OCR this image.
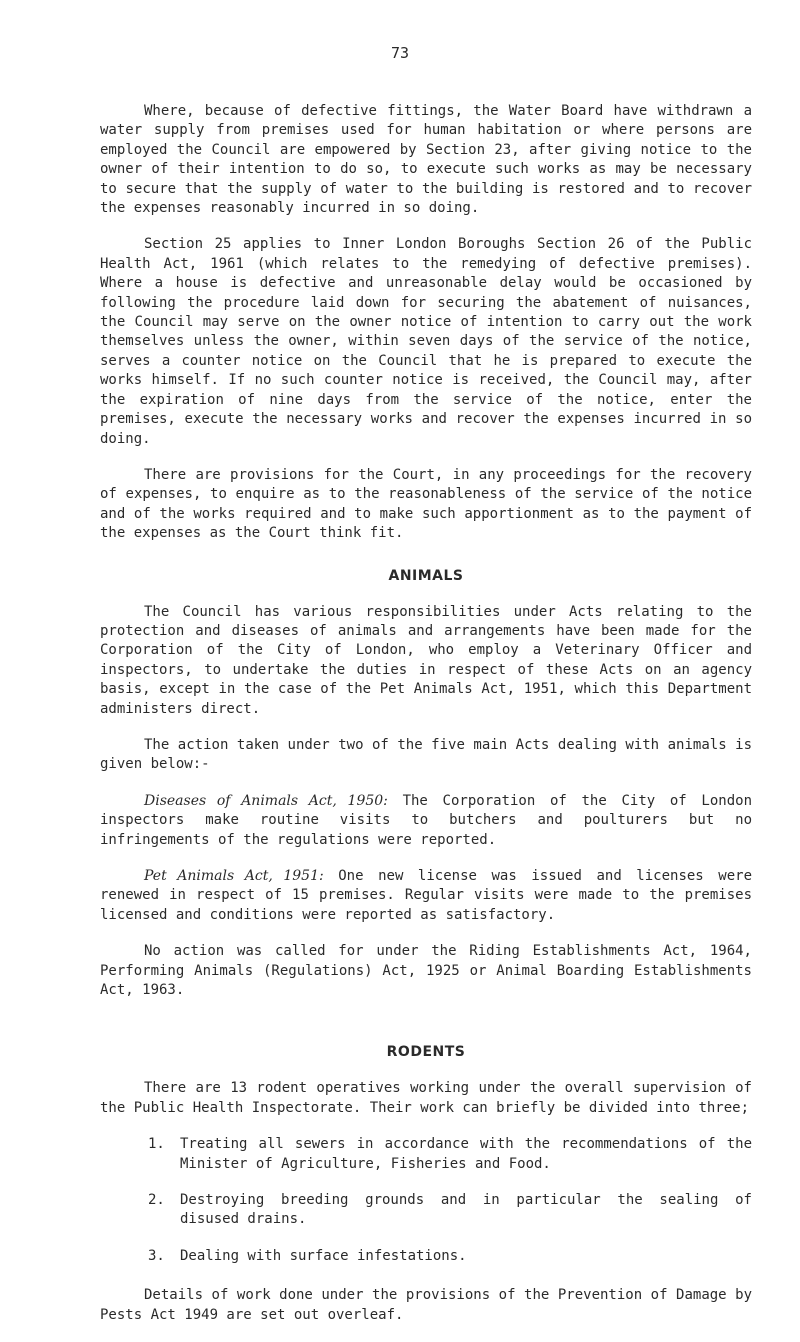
73

Where, because of defective fittings, the Water Board have withdrawn a water supply from premises used for human habitation or where persons are employed the Council are empowered by Section 23, after giving notice to the owner of their intention to do so, to execute such works as may be necessary to secure that the supply of water to the building is restored and to recover the expenses reasonably incurred in so doing.

Section 25 applies to Inner London Boroughs Section 26 of the Public Health Act, 1961 (which relates to the remedying of defective premises). Where a house is defective and unreasonable delay would be occasioned by following the procedure laid down for securing the abatement of nuisances, the Council may serve on the owner notice of intention to carry out the work themselves unless the owner, within seven days of the service of the notice, serves a counter notice on the Council that he is prepared to execute the works himself. If no such counter notice is received, the Council may, after the expiration of nine days from the service of the notice, enter the premises, execute the necessary works and recover the expenses incurred in so doing.

There are provisions for the Court, in any proceedings for the recovery of expenses, to enquire as to the reasonableness of the service of the notice and of the works required and to make such apportionment as to the payment of the expenses as the Court think fit.

ANIMALS

The Council has various responsibilities under Acts relating to the protection and diseases of animals and arrangements have been made for the Corporation of the City of London, who employ a Veterinary Officer and inspectors, to undertake the duties in respect of these Acts on an agency basis, except in the case of the Pet Animals Act, 1951, which this Department administers direct.

The action taken under two of the five main Acts dealing with animals is given below:-

Diseases of Animals Act, 1950: The Corporation of the City of London inspectors make routine visits to butchers and poulturers but no infringements of the regulations were reported.

Pet Animals Act, 1951: One new license was issued and licenses were renewed in respect of 15 premises. Regular visits were made to the premises licensed and conditions were reported as satisfactory.

No action was called for under the Riding Establishments Act, 1964, Performing Animals (Regulations) Act, 1925 or Animal Boarding Establishments Act, 1963.

RODENTS

There are 13 rodent operatives working under the overall supervision of the Public Health Inspectorate. Their work can briefly be divided into three;

1. Treating all sewers in accordance with the recommendations of the Minister of Agriculture, Fisheries and Food.
2. Destroying breeding grounds and in particular the sealing of disused drains.
3. Dealing with surface infestations.

Details of work done under the provisions of the Prevention of Damage by Pests Act 1949 are set out overleaf.
